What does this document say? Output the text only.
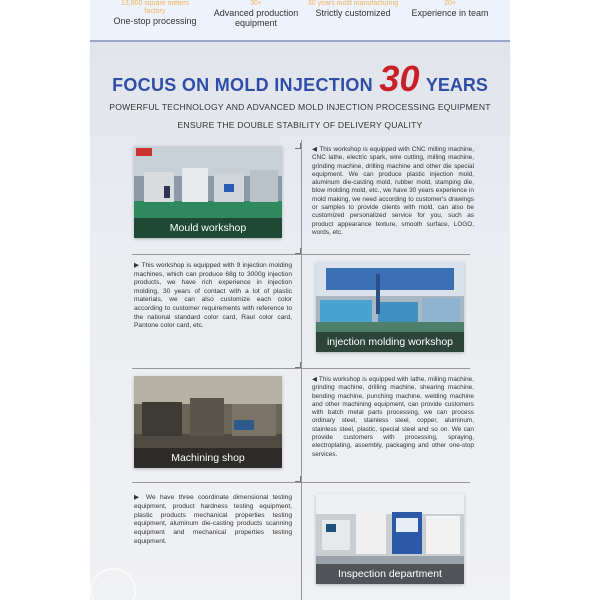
13,000 square meters factory
One-stop processing
30+
Advanced production equipment
30 years mold manufacturing
Strictly customized
20+
Experience in team
FOCUS ON MOLD INJECTION 30 YEARS
POWERFUL TECHNOLOGY AND ADVANCED MOLD INJECTION PROCESSING EQUIPMENT
ENSURE THE DOUBLE STABILITY OF DELIVERY QUALITY
Mould workshop
◀ This workshop is equipped with CNC milling machine, CNC lathe, electric spark, wire cutting, milling machine, grinding machine, drilling machine and other die special equipment. We can produce plastic injection mold, aluminum die-casting mold, rubber mold, stamping die, blow molding mold, etc., we have 30 years experience in mold making, we need according to customer's drawings or samples to provide clients with mold, can also be customized personalized service for you, such as product appearance texture, smooth surface, LOGO, words, etc.
▶ This workshop is equipped with 9 injection molding machines, which can produce 68g to 3000g injection products, we have rich experience in injection molding, 30 years of contact with a lot of plastic materials, we can also customize each color according to customer requirements with reference to the national standard color card, Raul color card, Pantone color card, etc.
injection molding workshop
Machining shop
◀ This workshop is equipped with lathe, milling machine, grinding machine, drilling machine, shearing machine, bending machine, punching machine, welding machine and other machining equipment, can provide customers with batch metal parts processing, we can process ordinary steel, stainless steel, copper, aluminum, stainless steel, plastic, special steel and so on. We can provide customers with processing, spraying, electroplating, assembly, packaging and other one-stop services.
▶ We have three coordinate dimensional testing equipment, product hardness testing equipment, plastic products mechanical properties testing equipment, aluminum die-casting products scanning equipment and mechanical properties testing equipment.
Inspection department
